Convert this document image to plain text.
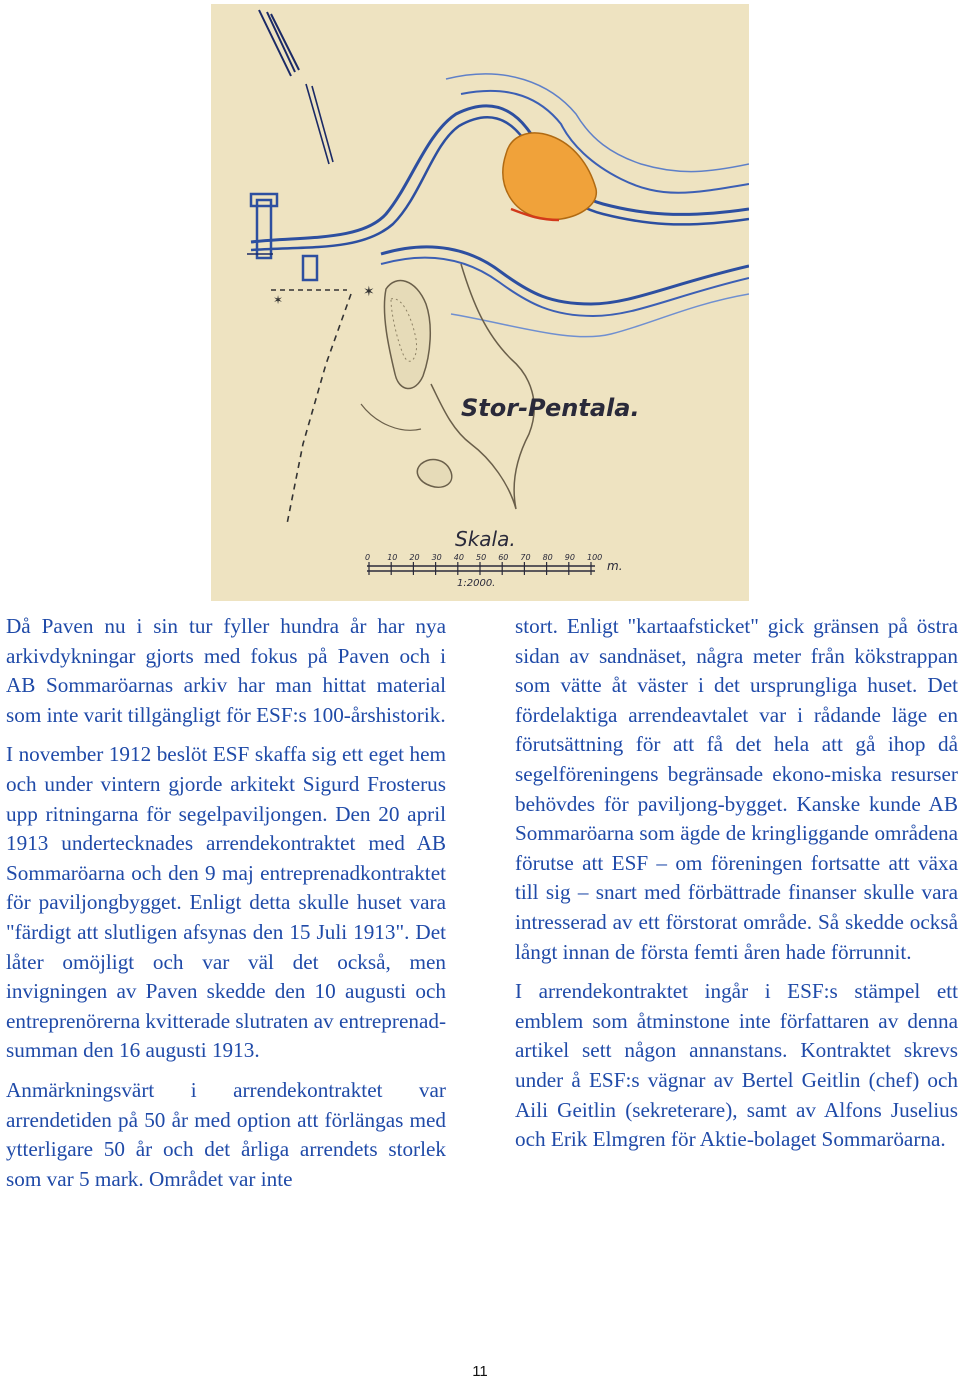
✶
✶
Stor-Pentala.
Skala.
0 10 20 30 40 50 60 70 80 90 100
m.
1:2000.

Då Paven nu i sin tur fyller hundra år har nya arkivdykningar gjorts med fokus på Paven och i AB Sommaröarnas arkiv har man hittat material som inte varit tillgängligt för ESF:s 100-årshistorik.

I november 1912 beslöt ESF skaffa sig ett eget hem och under vintern gjorde arkitekt Sigurd Frosterus upp ritningarna för segelpaviljongen. Den 20 april 1913 undertecknades arrendekontraktet med AB Sommaröarna och den 9 maj entreprenadkontraktet för paviljongbygget. Enligt detta skulle huset vara "färdigt att slutligen afsynas den 15 Juli 1913". Det låter omöjligt och var väl det också, men invigningen av Paven skedde den 10 augusti och entreprenörerna kvitterade slutraten av entreprenadsumman den 16 augusti 1913.

Anmärkningsvärt i arrendekontraktet var arrendetiden på 50 år med option att förlängas med ytterligare 50 år och det årliga arrendets storlek som var 5 mark. Området var inte

stort. Enligt "kartaafsticket" gick gränsen på östra sidan av sandnäset, några meter från kökstrappan som vätte åt väster i det ursprungliga huset. Det fördelaktiga arrendeavtalet var i rådande läge en förutsättning för att få det hela att gå ihop då segelföreningens begränsade ekono-miska resurser behövdes för paviljong-bygget. Kanske kunde AB Sommaröarna som ägde de kringliggande områdena förutse att ESF – om föreningen fortsatte att växa till sig – snart med förbättrade finanser skulle vara intresserad av ett förstorat område. Så skedde också långt innan de första femti åren hade förrunnit.

I arrendekontraktet ingår i ESF:s stämpel ett emblem som åtminstone inte författaren av denna artikel sett någon annanstans. Kontraktet skrevs under å ESF:s vägnar av Bertel Geitlin (chef) och Aili Geitlin (sekreterare), samt av Alfons Juselius och Erik Elmgren för Aktie-bolaget Sommaröarna.

11
